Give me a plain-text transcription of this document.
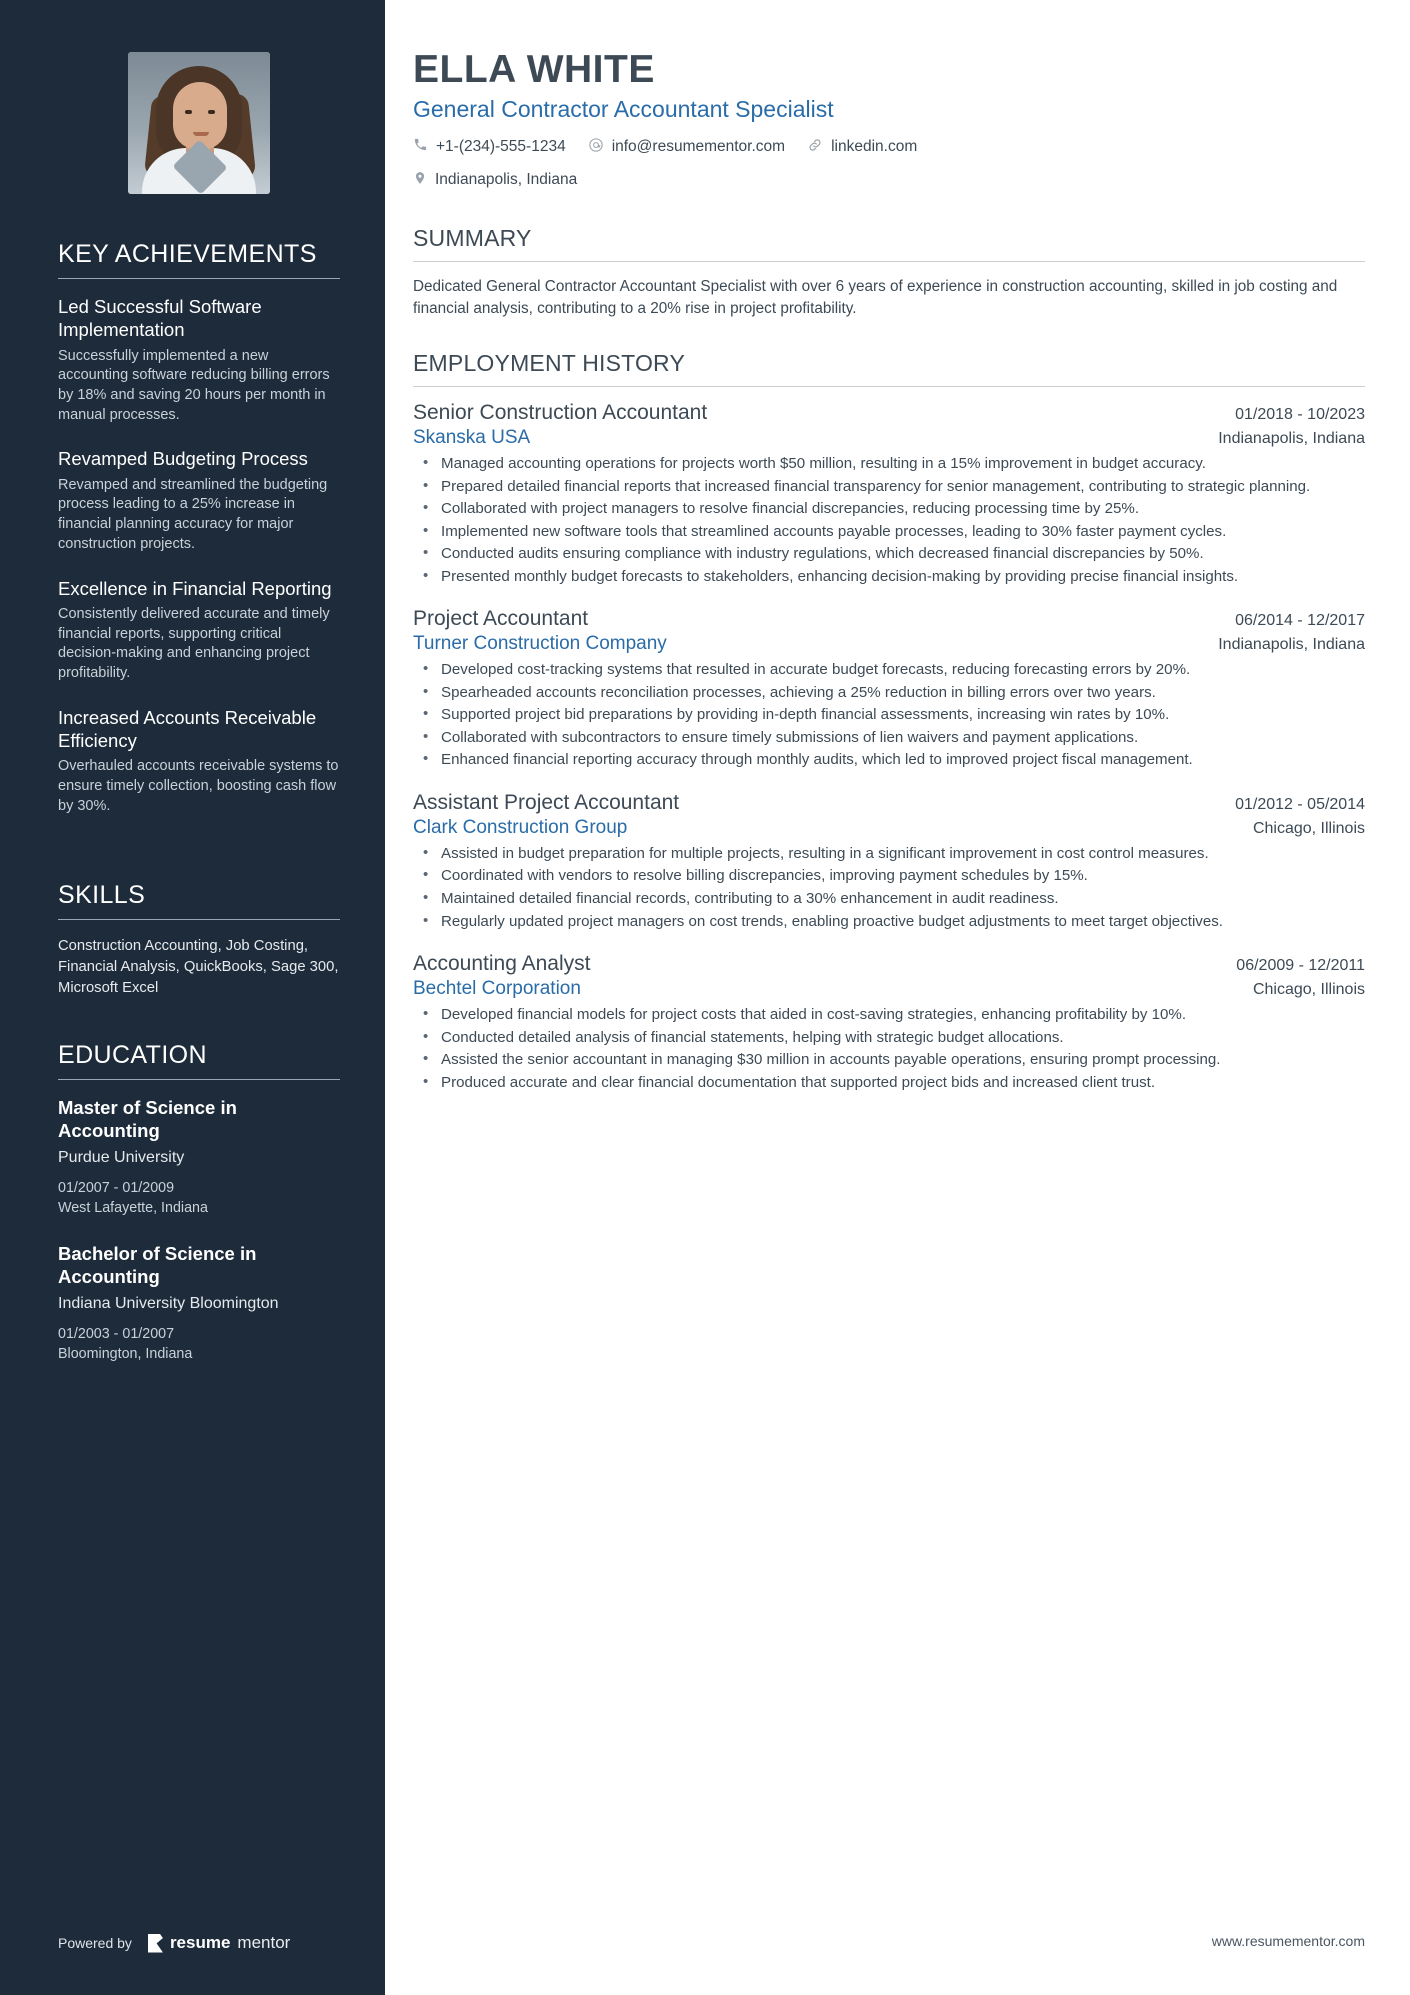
KEY ACHIEVEMENTS
Led Successful Software Implementation
Successfully implemented a new accounting software reducing billing errors by 18% and saving 20 hours per month in manual processes.
Revamped Budgeting Process
Revamped and streamlined the budgeting process leading to a 25% increase in financial planning accuracy for major construction projects.
Excellence in Financial Reporting
Consistently delivered accurate and timely financial reports, supporting critical decision-making and enhancing project profitability.
Increased Accounts Receivable Efficiency
Overhauled accounts receivable systems to ensure timely collection, boosting cash flow by 30%.
SKILLS
Construction Accounting, Job Costing, Financial Analysis, QuickBooks, Sage 300, Microsoft Excel
EDUCATION
Master of Science in Accounting
Purdue University
01/2007 - 01/2009
West Lafayette, Indiana
Bachelor of Science in Accounting
Indiana University Bloomington
01/2003 - 01/2007
Bloomington, Indiana
Powered by resume mentor
ELLA WHITE
General Contractor Accountant Specialist
+1-(234)-555-1234	info@resumementor.com	linkedin.com
Indianapolis, Indiana
SUMMARY

Dedicated General Contractor Accountant Specialist with over 6 years of experience in construction accounting, skilled in job costing and financial analysis, contributing to a 20% rise in project profitability.

EMPLOYMENT HISTORY
Senior Construction Accountant	01/2018 - 10/2023
Skanska USA	Indianapolis, Indiana
• Managed accounting operations for projects worth $50 million, resulting in a 15% improvement in budget accuracy.
• Prepared detailed financial reports that increased financial transparency for senior management, contributing to strategic planning.
• Collaborated with project managers to resolve financial discrepancies, reducing processing time by 25%.
• Implemented new software tools that streamlined accounts payable processes, leading to 30% faster payment cycles.
• Conducted audits ensuring compliance with industry regulations, which decreased financial discrepancies by 50%.
• Presented monthly budget forecasts to stakeholders, enhancing decision-making by providing precise financial insights.
Project Accountant	06/2014 - 12/2017
Turner Construction Company	Indianapolis, Indiana
• Developed cost-tracking systems that resulted in accurate budget forecasts, reducing forecasting errors by 20%.
• Spearheaded accounts reconciliation processes, achieving a 25% reduction in billing errors over two years.
• Supported project bid preparations by providing in-depth financial assessments, increasing win rates by 10%.
• Collaborated with subcontractors to ensure timely submissions of lien waivers and payment applications.
• Enhanced financial reporting accuracy through monthly audits, which led to improved project fiscal management.
Assistant Project Accountant	01/2012 - 05/2014
Clark Construction Group	Chicago, Illinois
• Assisted in budget preparation for multiple projects, resulting in a significant improvement in cost control measures.
• Coordinated with vendors to resolve billing discrepancies, improving payment schedules by 15%.
• Maintained detailed financial records, contributing to a 30% enhancement in audit readiness.
• Regularly updated project managers on cost trends, enabling proactive budget adjustments to meet target objectives.
Accounting Analyst	06/2009 - 12/2011
Bechtel Corporation	Chicago, Illinois
• Developed financial models for project costs that aided in cost-saving strategies, enhancing profitability by 10%.
• Conducted detailed analysis of financial statements, helping with strategic budget allocations.
• Assisted the senior accountant in managing $30 million in accounts payable operations, ensuring prompt processing.
• Produced accurate and clear financial documentation that supported project bids and increased client trust.
www.resumementor.com
